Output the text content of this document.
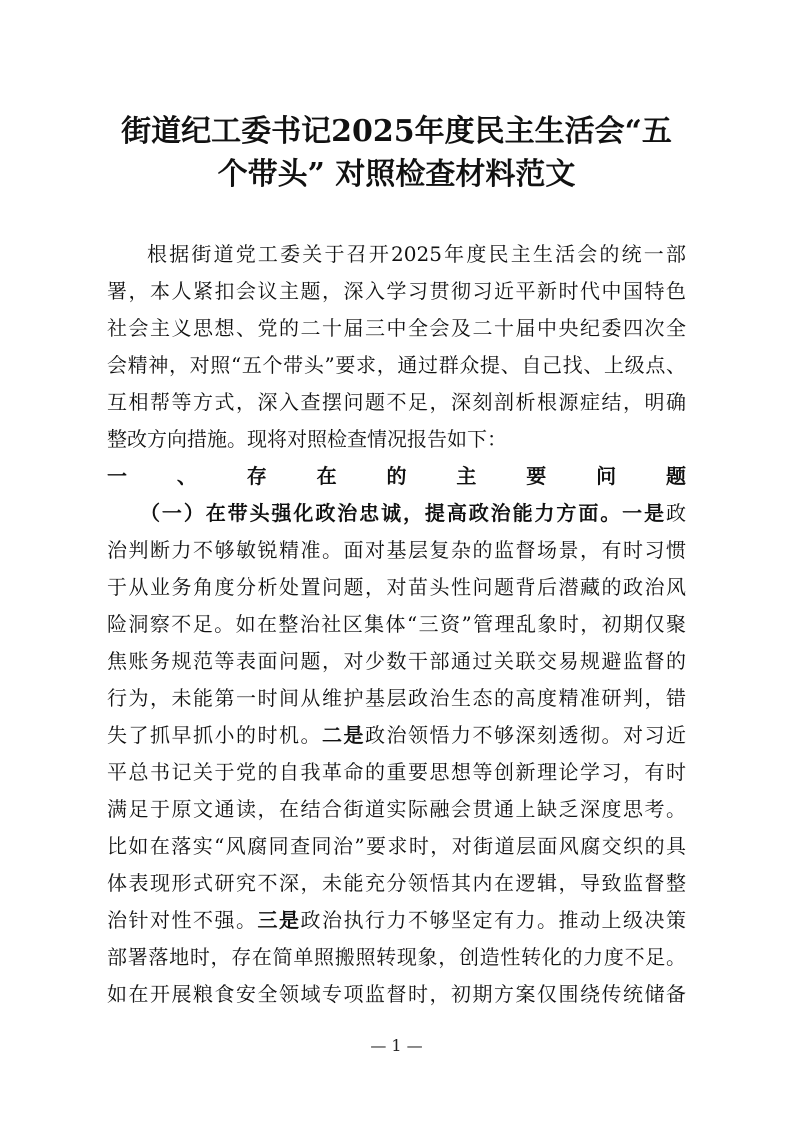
街道纪工委书记2025年度民主生活会“五
个带头” 对照检查材料范文
根据街道党工委关于召开2025年度民主生活会的统一部
署，本人紧扣会议主题，深入学习贯彻习近平新时代中国特色
社会主义思想、党的二十届三中全会及二十届中央纪委四次全
会精神，对照“五个带头”要求，通过群众提、自己找、上级点、
互相帮等方式，深入查摆问题不足，深刻剖析根源症结，明确
整改方向措施。现将对照检查情况报告如下：
一、存在的主要问题
（一）在带头强化政治忠诚，提高政治能力方面。一是政
治判断力不够敏锐精准。面对基层复杂的监督场景，有时习惯
于从业务角度分析处置问题，对苗头性问题背后潜藏的政治风
险洞察不足。如在整治社区集体“三资”管理乱象时，初期仅聚
焦账务规范等表面问题，对少数干部通过关联交易规避监督的
行为，未能第一时间从维护基层政治生态的高度精准研判，错
失了抓早抓小的时机。二是政治领悟力不够深刻透彻。对习近
平总书记关于党的自我革命的重要思想等创新理论学习，有时
满足于原文通读，在结合街道实际融会贯通上缺乏深度思考。
比如在落实“风腐同查同治”要求时，对街道层面风腐交织的具
体表现形式研究不深，未能充分领悟其内在逻辑，导致监督整
治针对性不强。三是政治执行力不够坚定有力。推动上级决策
部署落地时，存在简单照搬照转现象，创造性转化的力度不足。
如在开展粮食安全领域专项监督时，初期方案仅围绕传统储备
— 1 —
